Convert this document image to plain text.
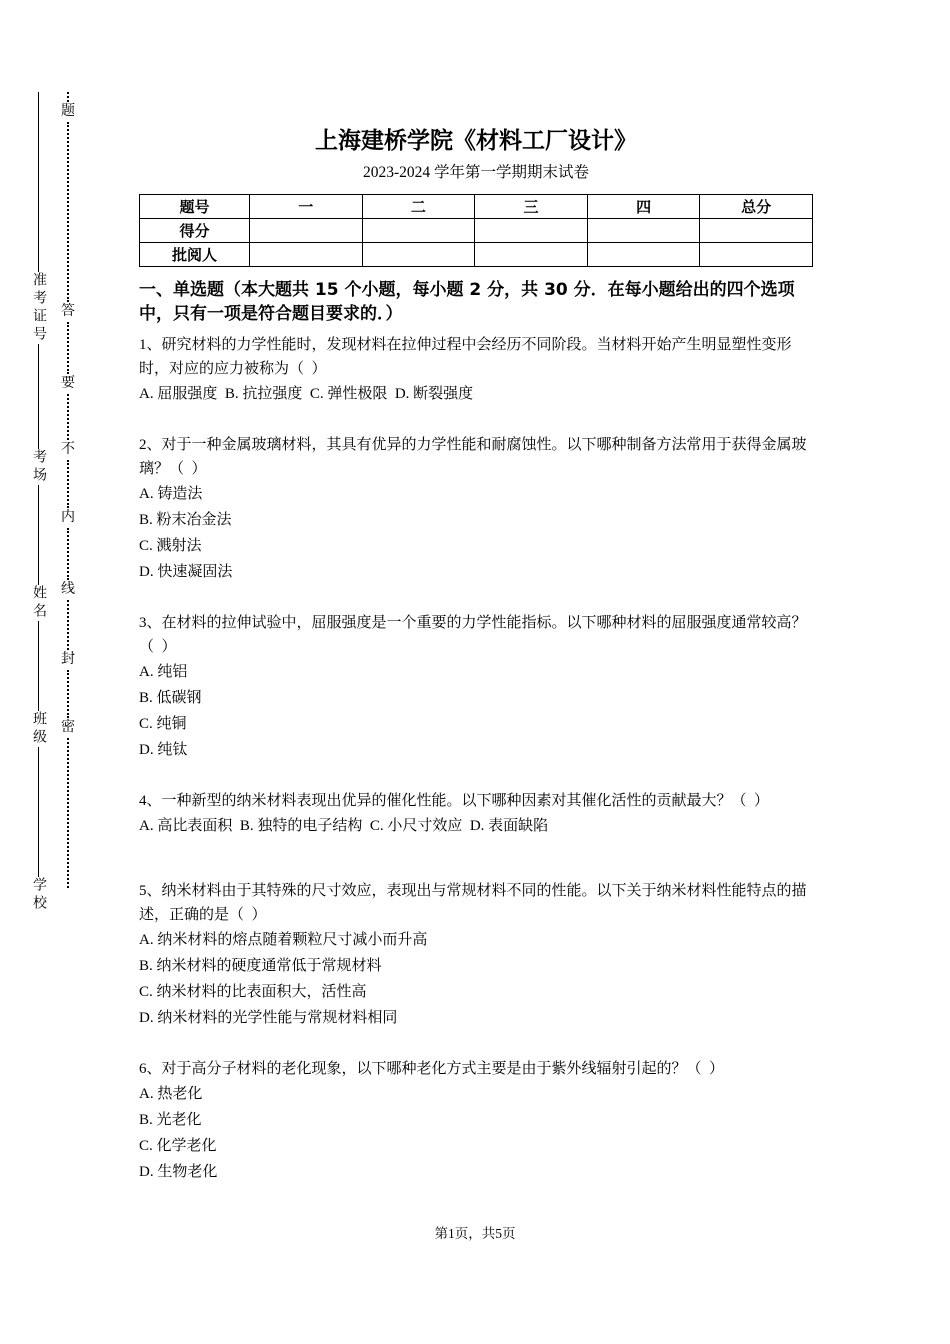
准考证号
考场
姓名
班级
学校
题
答
要
不
内
线
封
密
上海建桥学院《材料工厂设计》
2023-2024 学年第一学期期末试卷
题号	一	二	三	四	总分
得分					
批阅人					
一、单选题（本大题共 15 个小题，每小题 2 分，共 30 分．在每小题给出的四个选项中，只有一项是符合题目要求的．）
1、研究材料的力学性能时，发现材料在拉伸过程中会经历不同阶段。当材料开始产生明显塑性变形时，对应的应力被称为（  ）
A. 屈服强度  B. 抗拉强度  C. 弹性极限  D. 断裂强度
2、对于一种金属玻璃材料，其具有优异的力学性能和耐腐蚀性。以下哪种制备方法常用于获得金属玻璃？（  ）
A. 铸造法
B. 粉末冶金法
C. 溅射法
D. 快速凝固法
3、在材料的拉伸试验中，屈服强度是一个重要的力学性能指标。以下哪种材料的屈服强度通常较高？（  ）
A. 纯铝
B. 低碳钢
C. 纯铜
D. 纯钛
4、一种新型的纳米材料表现出优异的催化性能。以下哪种因素对其催化活性的贡献最大？（  ）
A. 高比表面积  B. 独特的电子结构  C. 小尺寸效应  D. 表面缺陷
5、纳米材料由于其特殊的尺寸效应，表现出与常规材料不同的性能。以下关于纳米材料性能特点的描述，正确的是（  ）
A. 纳米材料的熔点随着颗粒尺寸减小而升高
B. 纳米材料的硬度通常低于常规材料
C. 纳米材料的比表面积大，活性高
D. 纳米材料的光学性能与常规材料相同
6、对于高分子材料的老化现象，以下哪种老化方式主要是由于紫外线辐射引起的？（  ）
A. 热老化
B. 光老化
C. 化学老化
D. 生物老化
第1页，共5页
